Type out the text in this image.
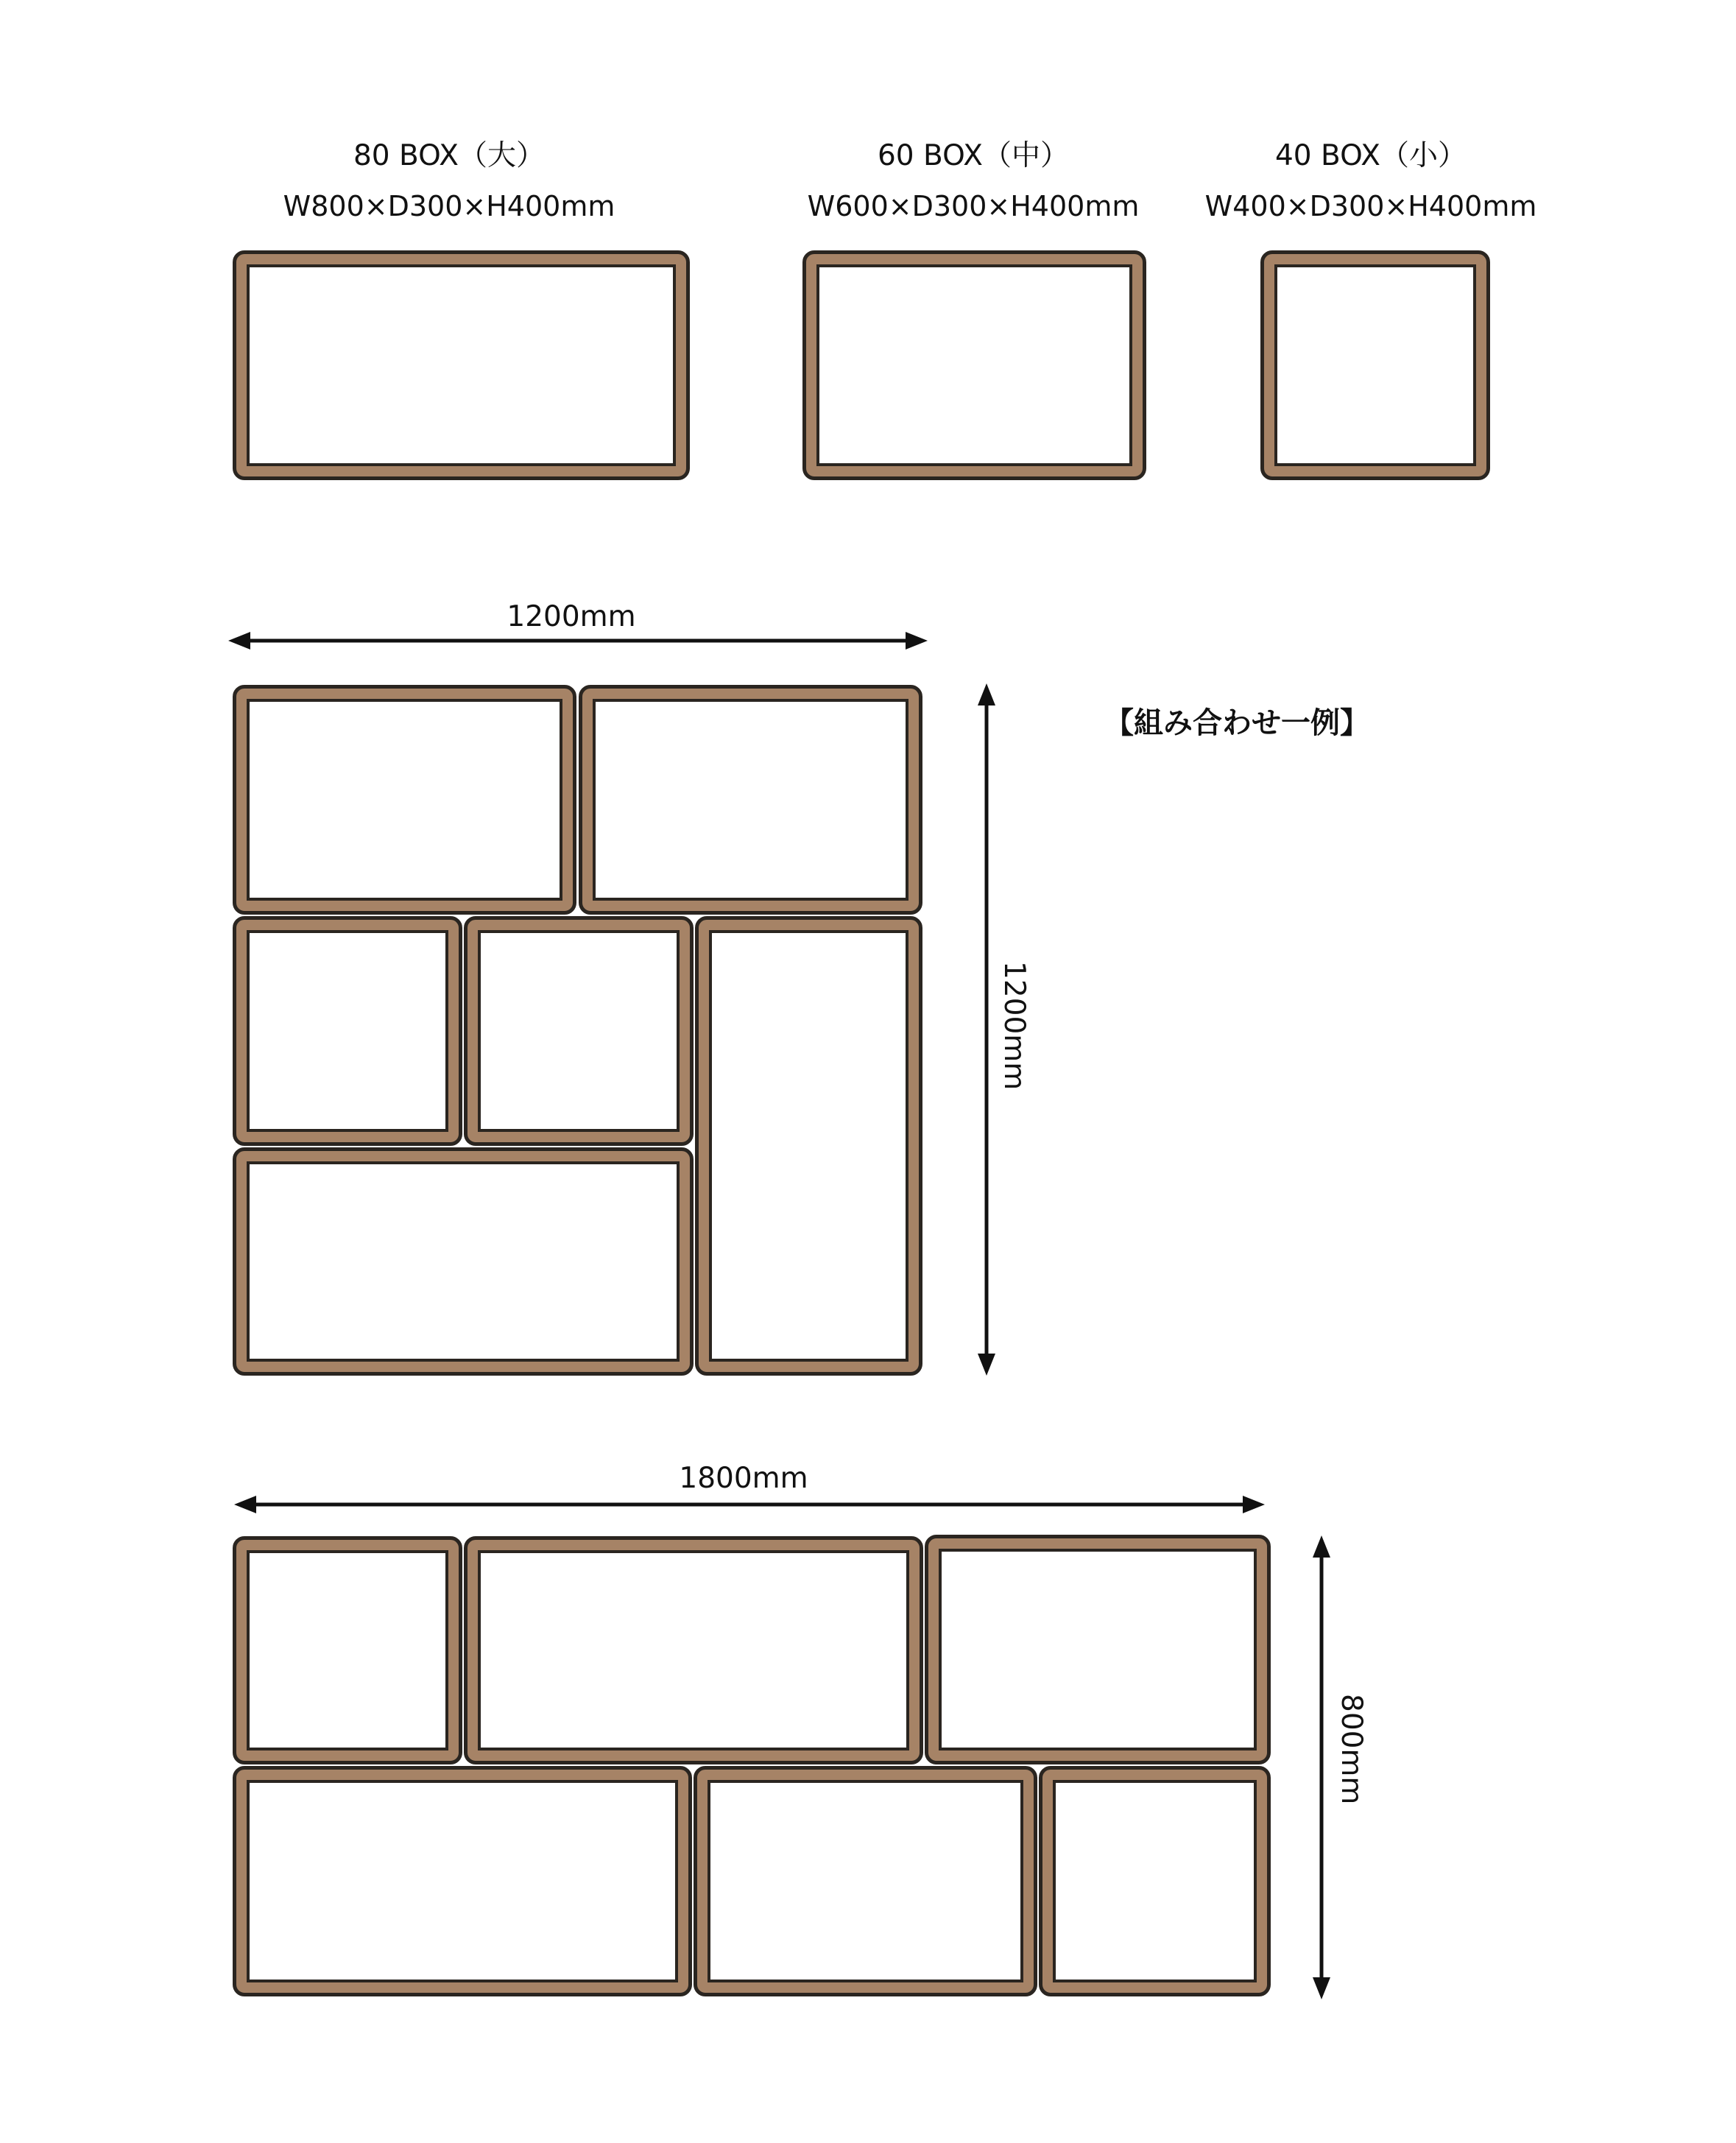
80 BOX（大）
W800×D300×H400mm
60 BOX（中）
W600×D300×H400mm
40 BOX（小）
W400×D300×H400mm
【組み合わせ一例】
1200mm
1200mm
1800mm
800mm
